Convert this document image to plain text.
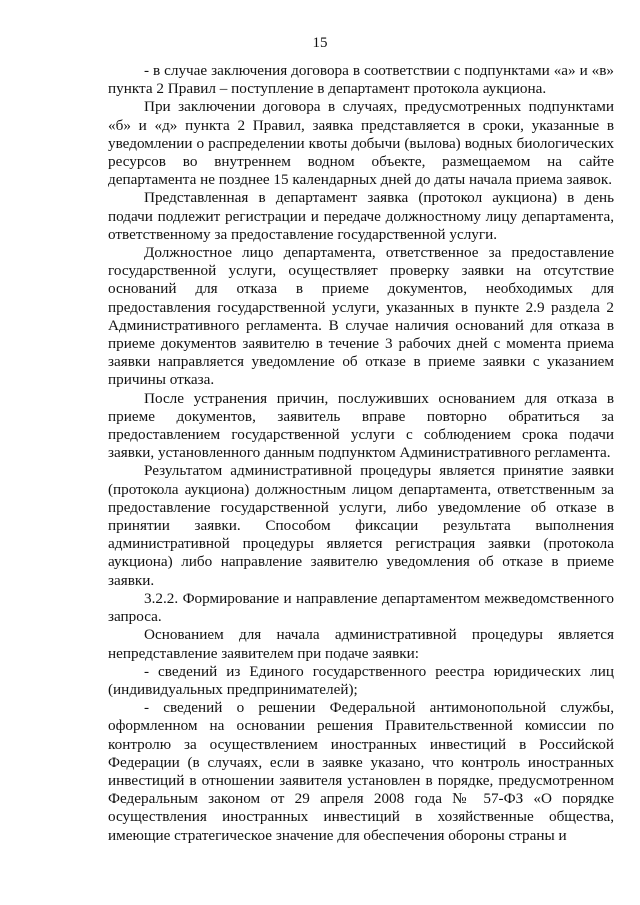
15

- в случае заключения договора в соответствии с подпунктами «а» и «в» пункта 2 Правил – поступление в департамент протокола аукциона.

При заключении договора в случаях, предусмотренных подпунктами «б» и «д» пункта 2 Правил, заявка представляется в сроки, указанные в уведомлении о распределении квоты добычи (вылова) водных биологических ресурсов во внутреннем водном объекте, размещаемом на сайте департамента не позднее 15 календарных дней до даты начала приема заявок.

Представленная в департамент заявка (протокол аукциона) в день подачи подлежит регистрации и передаче должностному лицу департамента, ответственному за предоставление государственной услуги.

Должностное лицо департамента, ответственное за предоставление государственной услуги, осуществляет проверку заявки на отсутствие оснований для отказа в приеме документов, необходимых для предоставления государственной услуги, указанных в пункте 2.9 раздела 2 Административного регламента. В случае наличия оснований для отказа в приеме документов заявителю в течение 3 рабочих дней с момента приема заявки направляется уведомление об отказе в приеме заявки с указанием причины отказа.

После устранения причин, послуживших основанием для отказа в приеме документов, заявитель вправе повторно обратиться за предоставлением государственной услуги с соблюдением срока подачи заявки, установленного данным подпунктом Административного регламента.

Результатом административной процедуры является принятие заявки (протокола аукциона) должностным лицом департамента, ответственным за предоставление государственной услуги, либо уведомление об отказе в принятии заявки. Способом фиксации результата выполнения административной процедуры является регистрация заявки (протокола аукциона) либо направление заявителю уведомления об отказе в приеме заявки.

3.2.2. Формирование и направление департаментом межведомственного запроса.

Основанием для начала административной процедуры является непредставление заявителем при подаче заявки:

- сведений из Единого государственного реестра юридических лиц (индивидуальных предпринимателей);

- сведений о решении Федеральной антимонопольной службы, оформленном на основании решения Правительственной комиссии по контролю за осуществлением иностранных инвестиций в Российской Федерации (в случаях, если в заявке указано, что контроль иностранных инвестиций в отношении заявителя установлен в порядке, предусмотренном Федеральным законом от 29 апреля 2008 года № 57-ФЗ «О порядке осуществления иностранных инвестиций в хозяйственные общества, имеющие стратегическое значение для обеспечения обороны страны и
